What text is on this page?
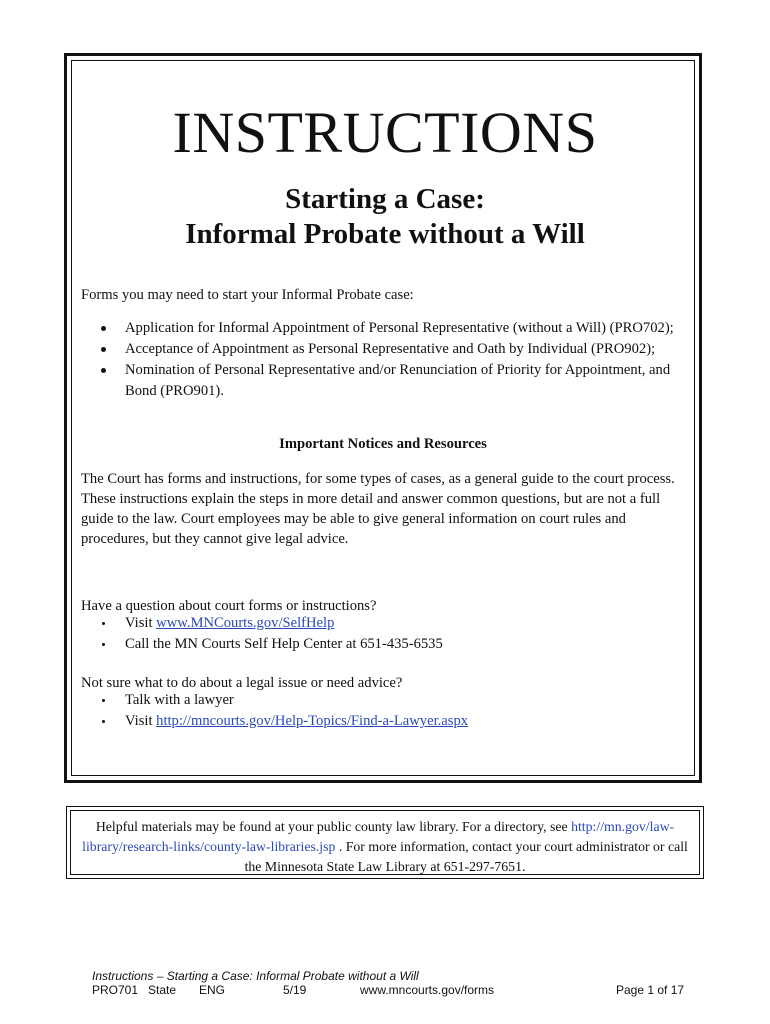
INSTRUCTIONS
Starting a Case:
Informal Probate without a Will
Forms you may need to start your Informal Probate case:
Application for Informal Appointment of Personal Representative (without a Will) (PRO702);
Acceptance of Appointment as Personal Representative and Oath by Individual (PRO902);
Nomination of Personal Representative and/or Renunciation of Priority for Appointment, and Bond (PRO901).
Important Notices and Resources
The Court has forms and instructions, for some types of cases, as a general guide to the court process. These instructions explain the steps in more detail and answer common questions, but are not a full guide to the law. Court employees may be able to give general information on court rules and procedures, but they cannot give legal advice.
Have a question about court forms or instructions?
Visit www.MNCourts.gov/SelfHelp
Call the MN Courts Self Help Center at 651-435-6535
Not sure what to do about a legal issue or need advice?
Talk with a lawyer
Visit http://mncourts.gov/Help-Topics/Find-a-Lawyer.aspx
Helpful materials may be found at your public county law library. For a directory, see http://mn.gov/law-library/research-links/county-law-libraries.jsp . For more information, contact your court administrator or call the Minnesota State Law Library at 651-297-7651.
Instructions – Starting a Case: Informal Probate without a Will
PRO701 State ENG	5/19	www.mncourts.gov/forms	Page 1 of 17
